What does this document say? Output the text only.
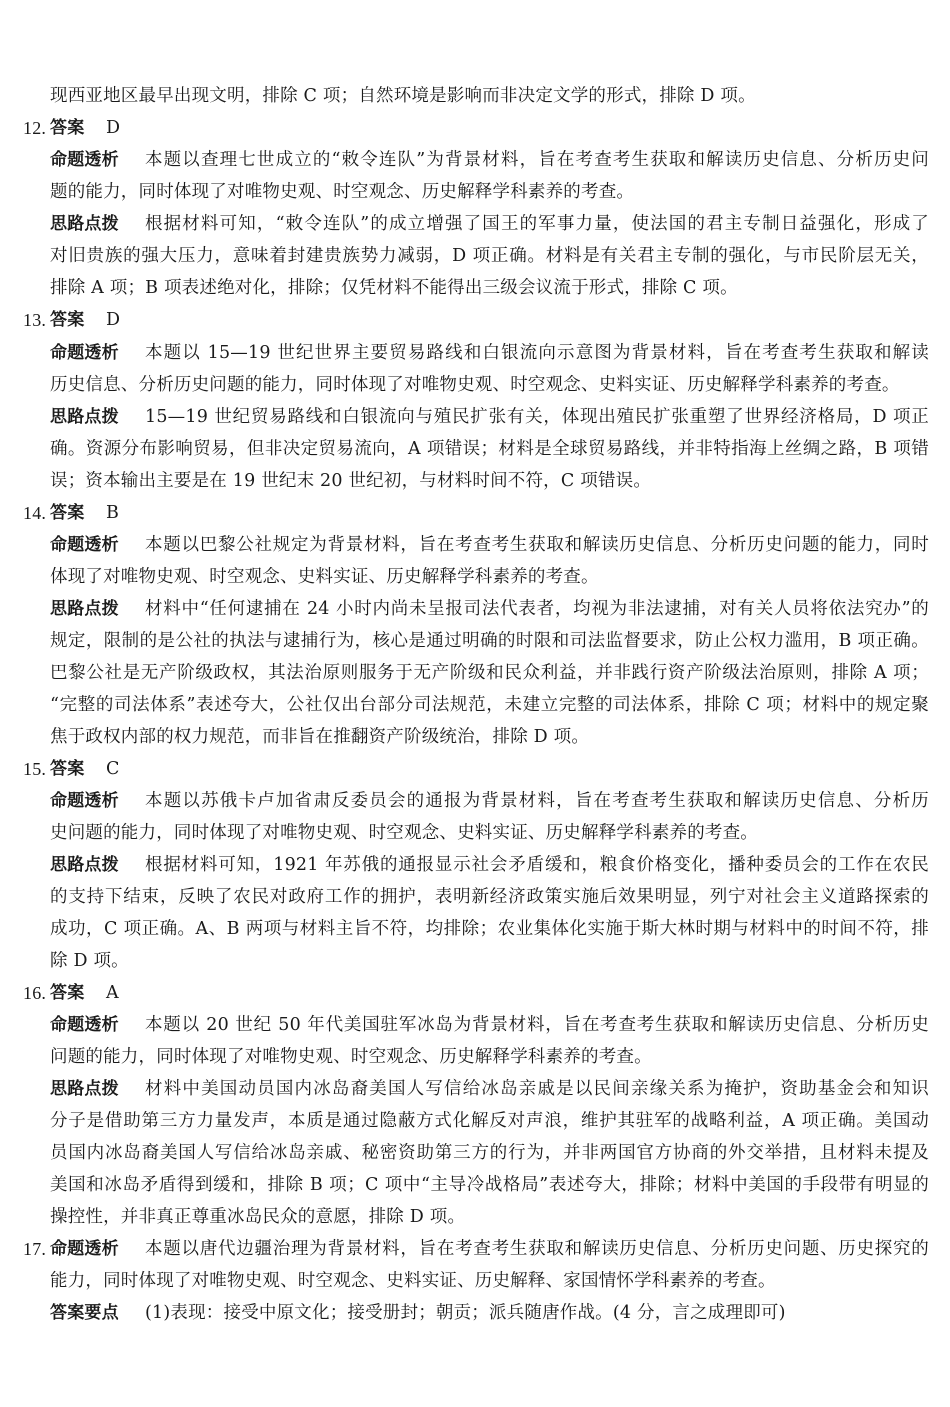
现西亚地区最早出现文明，排除 C 项；自然环境是影响而非决定文学的形式，排除 D 项。
12. 答案 D
命题透析 本题以查理七世成立的“敕令连队”为背景材料，旨在考查考生获取和解读历史信息、分析历史问
题的能力，同时体现了对唯物史观、时空观念、历史解释学科素养的考查。
思路点拨 根据材料可知，“敕令连队”的成立增强了国王的军事力量，使法国的君主专制日益强化，形成了
对旧贵族的强大压力，意味着封建贵族势力减弱，D 项正确。材料是有关君主专制的强化，与市民阶层无关，
排除 A 项；B 项表述绝对化，排除；仅凭材料不能得出三级会议流于形式，排除 C 项。
13. 答案 D
命题透析 本题以 15—19 世纪世界主要贸易路线和白银流向示意图为背景材料，旨在考查考生获取和解读
历史信息、分析历史问题的能力，同时体现了对唯物史观、时空观念、史料实证、历史解释学科素养的考查。
思路点拨 15—19 世纪贸易路线和白银流向与殖民扩张有关，体现出殖民扩张重塑了世界经济格局，D 项正
确。资源分布影响贸易，但非决定贸易流向，A 项错误；材料是全球贸易路线，并非特指海上丝绸之路，B 项错
误；资本输出主要是在 19 世纪末 20 世纪初，与材料时间不符，C 项错误。
14. 答案 B
命题透析 本题以巴黎公社规定为背景材料，旨在考查考生获取和解读历史信息、分析历史问题的能力，同时
体现了对唯物史观、时空观念、史料实证、历史解释学科素养的考查。
思路点拨 材料中“任何逮捕在 24 小时内尚未呈报司法代表者，均视为非法逮捕，对有关人员将依法究办”的
规定，限制的是公社的执法与逮捕行为，核心是通过明确的时限和司法监督要求，防止公权力滥用，B 项正确。
巴黎公社是无产阶级政权，其法治原则服务于无产阶级和民众利益，并非践行资产阶级法治原则，排除 A 项；
“完整的司法体系”表述夸大，公社仅出台部分司法规范，未建立完整的司法体系，排除 C 项；材料中的规定聚
焦于政权内部的权力规范，而非旨在推翻资产阶级统治，排除 D 项。
15. 答案 C
命题透析 本题以苏俄卡卢加省肃反委员会的通报为背景材料，旨在考查考生获取和解读历史信息、分析历
史问题的能力，同时体现了对唯物史观、时空观念、史料实证、历史解释学科素养的考查。
思路点拨 根据材料可知，1921 年苏俄的通报显示社会矛盾缓和，粮食价格变化，播种委员会的工作在农民
的支持下结束，反映了农民对政府工作的拥护，表明新经济政策实施后效果明显，列宁对社会主义道路探索的
成功，C 项正确。A、B 两项与材料主旨不符，均排除；农业集体化实施于斯大林时期与材料中的时间不符，排
除 D 项。
16. 答案 A
命题透析 本题以 20 世纪 50 年代美国驻军冰岛为背景材料，旨在考查考生获取和解读历史信息、分析历史
问题的能力，同时体现了对唯物史观、时空观念、历史解释学科素养的考查。
思路点拨 材料中美国动员国内冰岛裔美国人写信给冰岛亲戚是以民间亲缘关系为掩护，资助基金会和知识
分子是借助第三方力量发声，本质是通过隐蔽方式化解反对声浪，维护其驻军的战略利益，A 项正确。美国动
员国内冰岛裔美国人写信给冰岛亲戚、秘密资助第三方的行为，并非两国官方协商的外交举措，且材料未提及
美国和冰岛矛盾得到缓和，排除 B 项；C 项中“主导冷战格局”表述夸大，排除；材料中美国的手段带有明显的
操控性，并非真正尊重冰岛民众的意愿，排除 D 项。
17. 命题透析 本题以唐代边疆治理为背景材料，旨在考查考生获取和解读历史信息、分析历史问题、历史探究的
能力，同时体现了对唯物史观、时空观念、史料实证、历史解释、家国情怀学科素养的考查。
答案要点 (1)表现：接受中原文化；接受册封；朝贡；派兵随唐作战。(4 分，言之成理即可)
